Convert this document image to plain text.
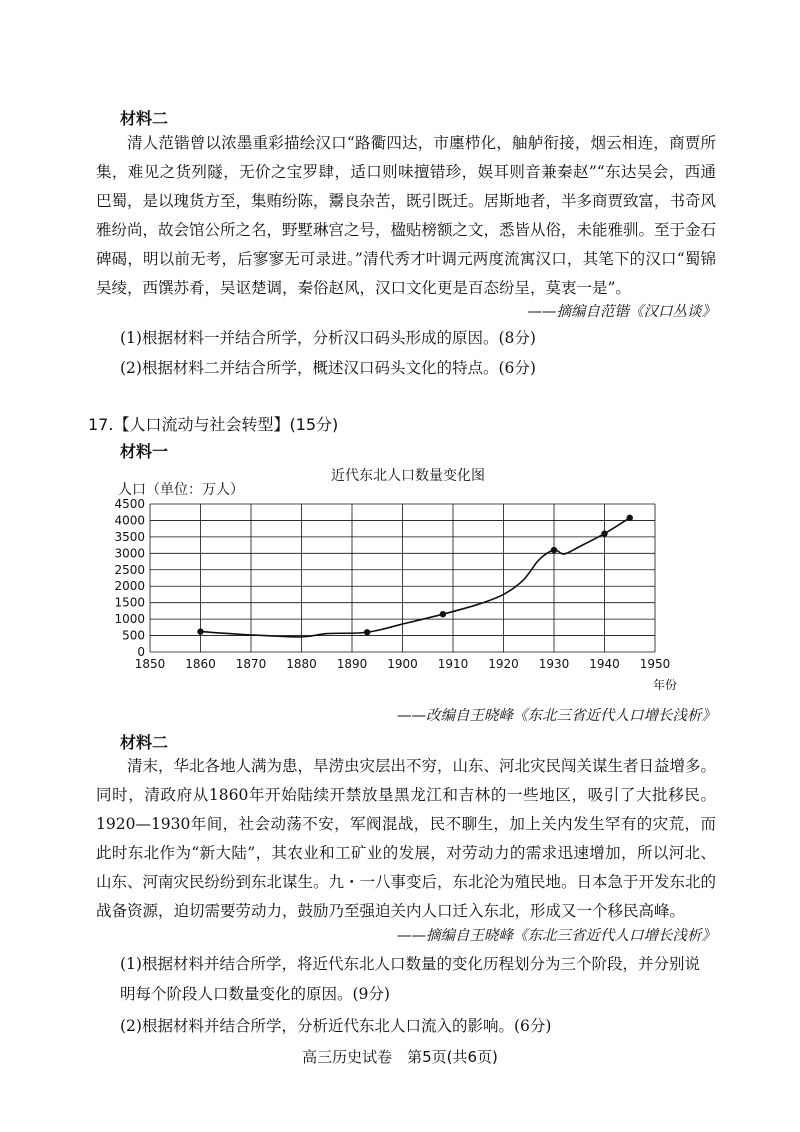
材料二

清人范锴曾以浓墨重彩描绘汉口“路衢四达，市廛栉化，舳舻衔接，烟云相连，商贾所集，难见之货列隧，无价之宝罗肆，适口则味擅错珍，娱耳则音兼秦赵”“东达吴会，西通巴蜀，是以瑰货方至，集贿纷陈，鬻良杂苦，既引既迁。居斯地者，半多商贾致富，书奇风雅纷尚，故会馆公所之名，野墅琳宫之号，楹贴榜额之文，悉皆从俗，未能雅驯。至于金石碑碣，明以前无考，后寥寥无可录进。”清代秀才叶调元两度流寓汉口，其笔下的汉口“蜀锦吴绫，西馔苏肴，吴讴楚调，秦俗赵风，汉口文化更是百态纷呈，莫衷一是”。

——摘编自范锴《汉口丛谈》

(1)根据材料一并结合所学，分析汉口码头形成的原因。(8分)

(2)根据材料二并结合所学，概述汉口码头文化的特点。(6分)

17.【人口流动与社会转型】(15分)
材料一
近代东北人口数量变化图
人口（单位：万人）
0
500
1000
1500
2000
2500
3000
3500
4000
4500
1850 1860 1870 1880 1890 1900 1910 1920 1930 1940 1950
年份
——改编自王晓峰《东北三省近代人口增长浅析》
材料二

清末，华北各地人满为患，旱涝虫灾层出不穷，山东、河北灾民闯关谋生者日益增多。同时，清政府从1860年开始陆续开禁放垦黑龙江和吉林的一些地区，吸引了大批移民。1920—1930年间，社会动荡不安，军阀混战，民不聊生，加上关内发生罕有的灾荒，而此时东北作为“新大陆”，其农业和工矿业的发展，对劳动力的需求迅速增加，所以河北、山东、河南灾民纷纷到东北谋生。九・一八事变后，东北沦为殖民地。日本急于开发东北的战备资源，迫切需要劳动力，鼓励乃至强迫关内人口迁入东北，形成又一个移民高峰。

——摘编自王晓峰《东北三省近代人口增长浅析》

(1)根据材料并结合所学，将近代东北人口数量的变化历程划分为三个阶段，并分别说明每个阶段人口数量变化的原因。(9分)

(2)根据材料并结合所学，分析近代东北人口流入的影响。(6分)

高三历史试卷　第5页(共6页)
